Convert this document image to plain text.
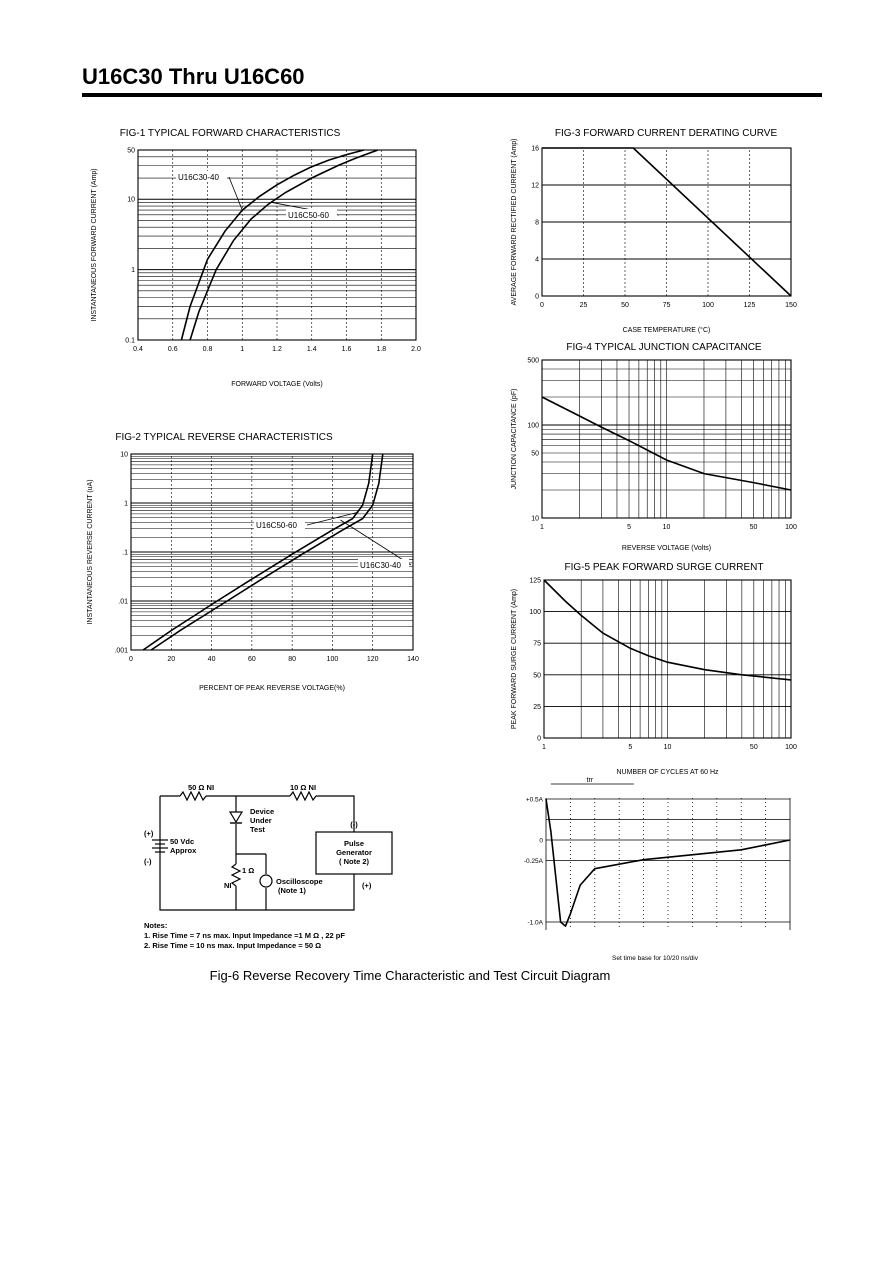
U16C30 Thru U16C60
FIG-1 TYPICAL FORWARD CHARACTERISTICS
0.4	0.6	0.8	1	1.2	1.4	1.6	1.8	2.0
0.1
1
10
50
FORWARD VOLTAGE (Volts)
INSTANTANEOUS FORWARD CURRENT (Amp)	U16C30-40
U16C50-60
FIG-2 TYPICAL REVERSE CHARACTERISTICS
0	20	40	60	80	100	120	140
.001
.01
.1
1
10
PERCENT OF PEAK REVERSE VOLTAGE(%)
INSTANTANEOUS REVERSE CURRENT (uA)	U16C50-60
U16C30-40
FIG-3 FORWARD CURRENT DERATING CURVE
0	25	50	75	100	125	150
0
4
8
12
16
CASE TEMPERATURE (°C)
AVERAGE FORWARD RECTIFIED CURRENT (Amp)
FIG-4 TYPICAL JUNCTION CAPACITANCE
1	5	10	50	100
10
50
100
500
REVERSE VOLTAGE (Volts)
JUNCTION CAPACITANCE (pF)
FIG-5 PEAK FORWARD SURGE CURRENT
1	5	10	50	100
0
25
50
75
100
125
NUMBER OF CYCLES AT 60 Hz
PEAK FORWARD SURGE CURRENT (Amp)
+0.5A
0
-0.25A
-1.0A
trr
Set time base for 10/20 ns/div
50 Ω NI	10 Ω NI
Device
Under
Test
(+)
(-)
50 Vdc
Approx
(-)
Pulse
Generator
( Note 2)
(+)
1 Ω
NI	Oscilloscope
(Note 1)
Notes:
1. Rise Time = 7 ns max. Input Impedance =1 M Ω , 22 pF
2. Rise Time = 10 ns max. Input Impedance = 50 Ω
Fig-6 Reverse Recovery Time Characteristic and Test Circuit Diagram
